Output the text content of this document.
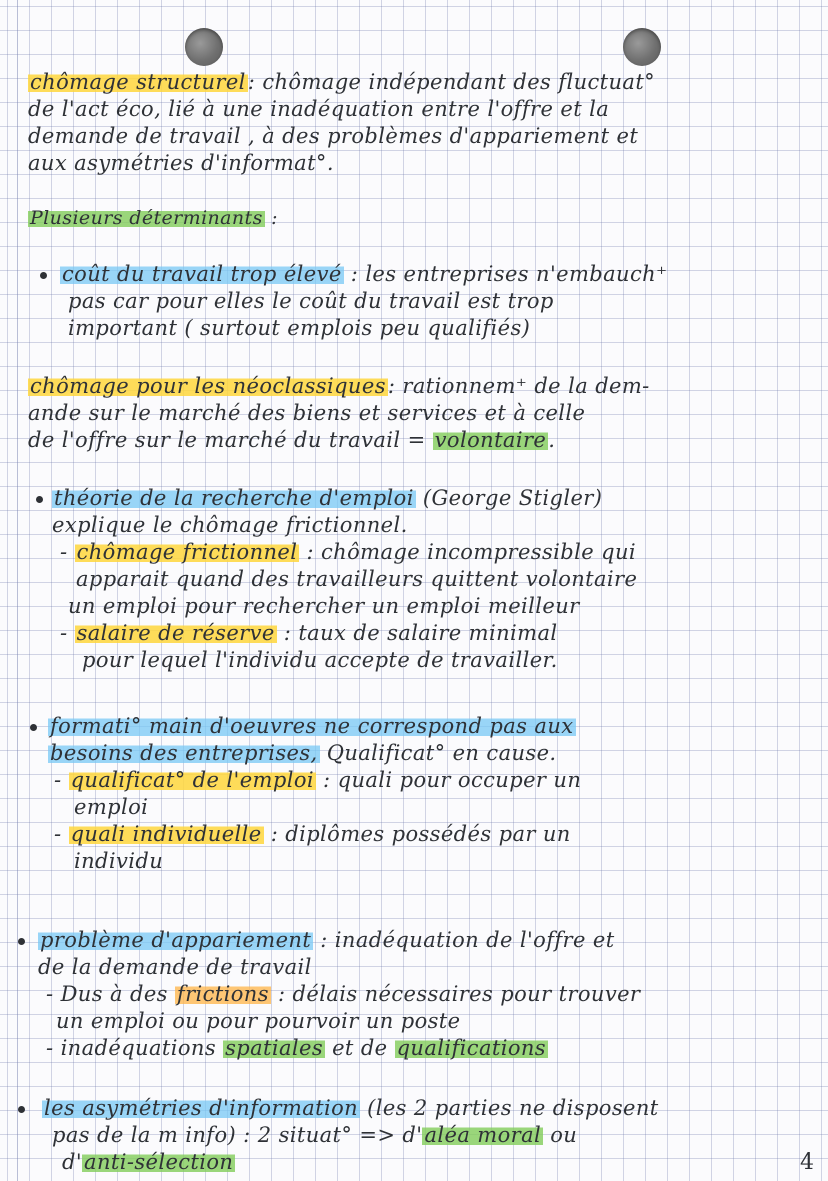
chômage structurel: chômage indépendant des fluctuat°

de l'act éco, lié à une inadéquation entre l'offre et la

demande de travail , à des problèmes d'appariement et

aux asymétries d'informat°.

Plusieurs déterminants :

coût du travail trop élevé : les entreprises n'embauch⁺

pas car pour elles le coût du travail est trop

important ( surtout emplois peu qualifiés)

chômage pour les néoclassiques: rationnem⁺ de la dem-

ande sur le marché des biens et services et à celle

de l'offre sur le marché du travail = volontaire.

théorie de la recherche d'emploi (George Stigler)

explique le chômage frictionnel.

- chômage frictionnel : chômage incompressible qui

apparait quand des travailleurs quittent volontaire

un emploi pour rechercher un emploi meilleur

- salaire de réserve : taux de salaire minimal

pour lequel l'individu accepte de travailler.

formati° main d'oeuvres ne correspond pas aux

besoins des entreprises, Qualificat° en cause.

- qualificat° de l'emploi : quali pour occuper un

emploi

- quali individuelle : diplômes possédés par un

individu

problème d'appariement : inadéquation de l'offre et

de la demande de travail

- Dus à des frictions : délais nécessaires pour trouver

un emploi ou pour pourvoir un poste

- inadéquations spatiales et de qualifications

les asymétries d'information (les 2 parties ne disposent

pas de la m info) : 2 situat° => d'aléa moral ou

d'anti-sélection	4
